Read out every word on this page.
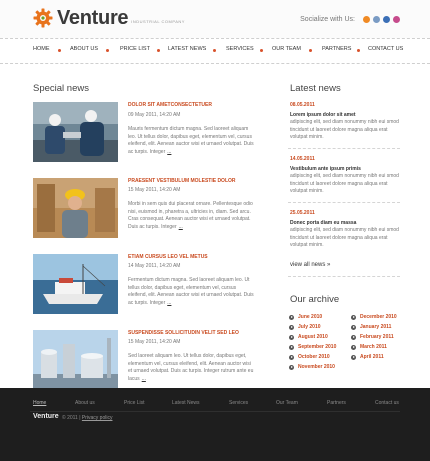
Venture INDUSTRIAL COMPANY	Socialize with Us:
HOME	ABOUT US	PRICE LIST	LATEST NEWS	SERVICES	OUR TEAM	PARTNERS	CONTACT US
Special news
DOLOR SIT AMETCONSECTETUER
09 May 2011, 14:20 AM
Mauris fermentum dictum magna. Sed laoreet aliquam leo. Ut tellus dolor, dapibus eget, elementum vel, cursus eleifend, elit. Aenean auctor wisi et urnaed volutpat. Duis ac turpis. Integer ...
PRAESENT VESTIBULUM MOLESTIE DOLOR
15 May 2011, 14:20 AM
Morbi in sem quis dui placerat ornare. Pellentesque odio nisi, euismod in, pharetra a, ultricies in, diam. Sed arcu. Cras consequat. Aenean auctor wisi et urnaed volutpat. Duis ac turpis. Integer ...
ETIAM CURSUS LEO VEL METUS
14 May 2011, 14:20 AM
Fermentum dictum magna. Sed laoreet aliquam leo. Ut tellus dolor, dapibus eget, elementum vel, cursus eleifend, elit. Aenean auctor wisi et urnaed volutpat. Duis ac turpis. Integer ...
SUSPENDISSE SOLLICITUDIN VELIT SED LEO
15 May 2011, 14:20 AM
Sed laoreet aliquam leo. Ut tellus dolor, dapibus eget, elementum vel, cursus eleifend, elit. Aenean auctor wisi et urnaed volutpat. Duis ac turpis. Integer rutrum ante eu lacus ...
Latest news
08.05.2011
Lorem ipsum dolor sit amet
adipiscing elit, sed diam nonummy nibh eui smod tincidunt ut laoreet dolore magna aliqua erat volutpat minim.
14.05.2011
Vestibulum ante ipsum primis
adipiscing elit, sed diam nonummy nibh eui smod tincidunt ut laoreet dolore magna aliqua erat volutpat minim.
25.05.2011
Donec porta diam eu massa
adipiscing elit, sed diam nonummy nibh eui smod tincidunt ut laoreet dolore magna aliqua erat volutpat minim.
view all news »
Our archive
June 2010
July 2010
August 2010
September 2010
October 2010
November 2010
December 2010
January 2011
February 2011
March 2011
April 2011
Home	About us	Price List	Latest News	Services	Our Team	Partners	Contact us
Venture © 2011 | Privacy policy
